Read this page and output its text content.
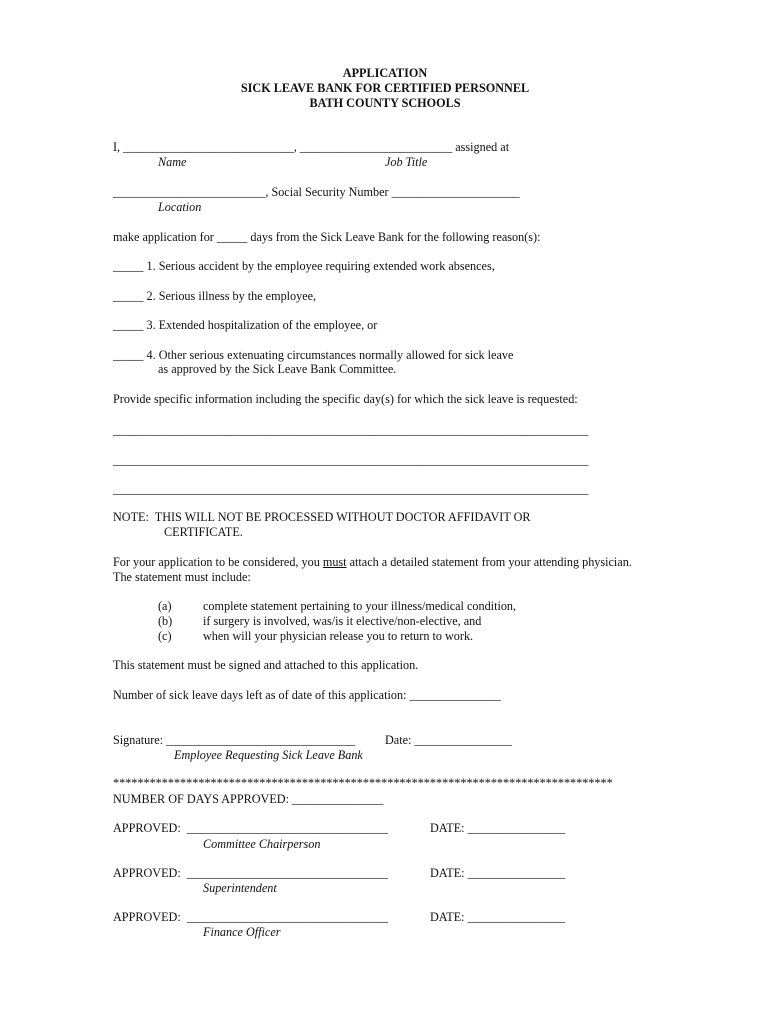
APPLICATION
SICK LEAVE BANK FOR CERTIFIED PERSONNEL
BATH COUNTY SCHOOLS
I, ____________________________, _________________________ assigned at
Name	Job Title
_________________________, Social Security Number _____________________
Location
make application for _____ days from the Sick Leave Bank for the following reason(s):
_____ 1. Serious accident by the employee requiring extended work absences,
_____ 2. Serious illness by the employee,
_____ 3. Extended hospitalization of the employee, or
_____ 4. Other serious extenuating circumstances normally allowed for sick leave
as approved by the Sick Leave Bank Committee.
Provide specific information including the specific day(s) for which the sick leave is requested:
______________________________________________________________________________
______________________________________________________________________________
______________________________________________________________________________
NOTE:  THIS WILL NOT BE PROCESSED WITHOUT DOCTOR AFFIDAVIT OR
CERTIFICATE.
For your application to be considered, you must attach a detailed statement from your attending physician.
The statement must include:
(a)	complete statement pertaining to your illness/medical condition,
(b)	if surgery is involved, was/is it elective/non-elective, and
(c)	when will your physician release you to return to work.
This statement must be signed and attached to this application.
Number of sick leave days left as of date of this application: _______________
Signature: _______________________________ Date: ________________
Employee Requesting Sick Leave Bank
**********************************************************************************
NUMBER OF DAYS APPROVED: _______________
APPROVED:  _________________________________	DATE: ________________
Committee Chairperson
APPROVED:  _________________________________	DATE: ________________
Superintendent
APPROVED:  _________________________________	DATE: ________________
Finance Officer
